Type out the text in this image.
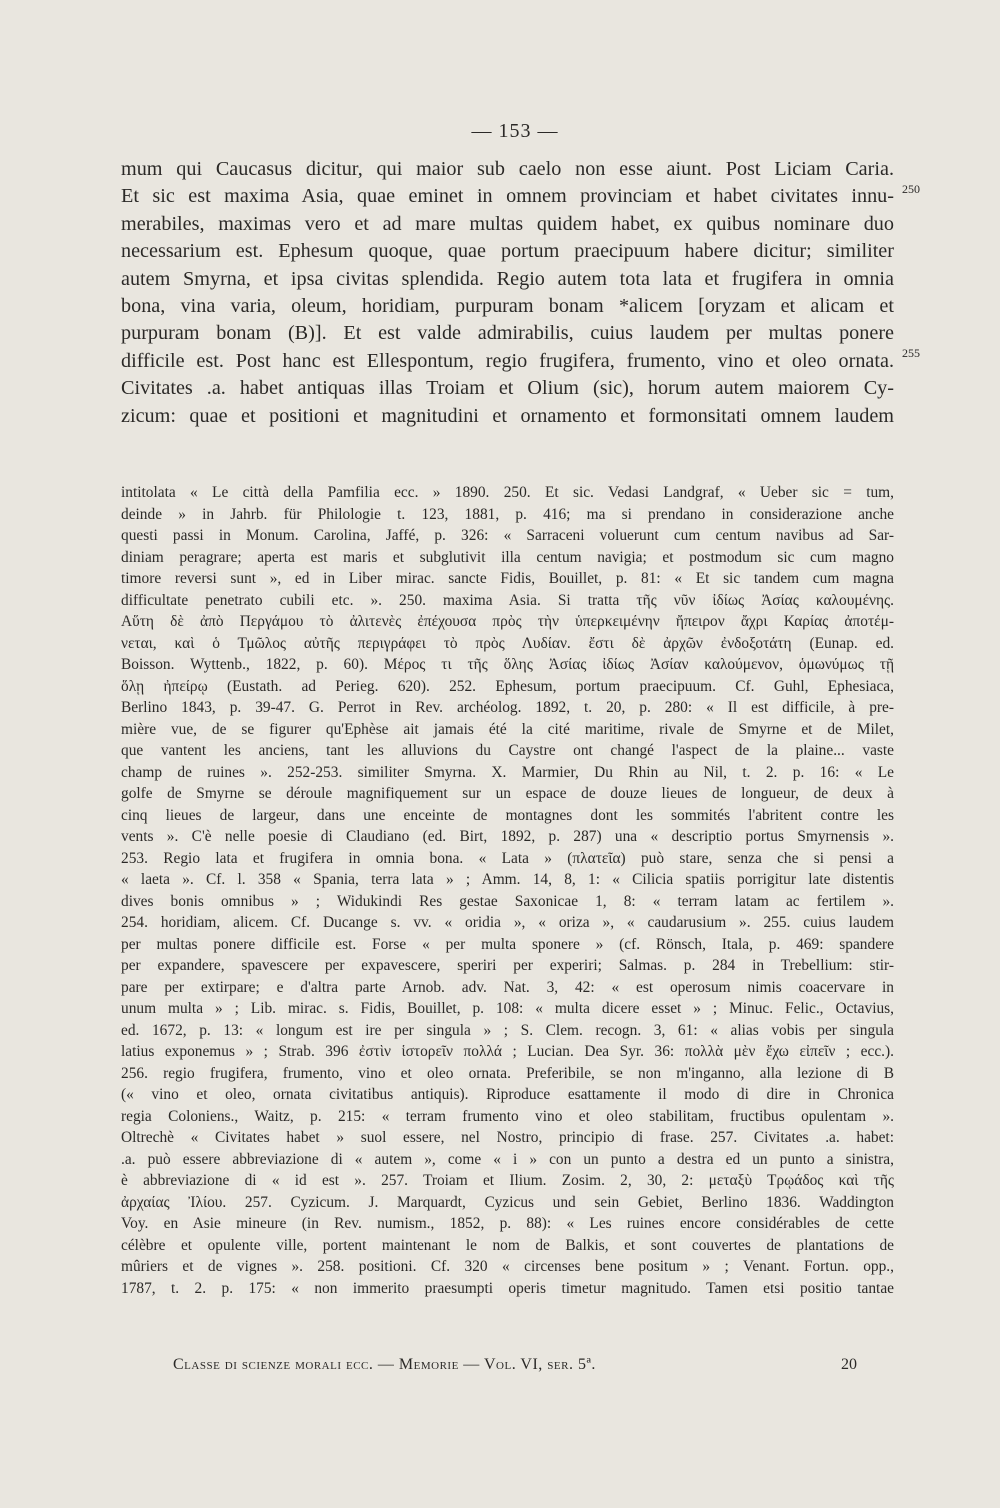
— 153 —
mum qui Caucasus dicitur, qui maior sub caelo non esse aiunt. Post Liciam Caria.
Et sic est maxima Asia, quae eminet in omnem provinciam et habet civitates innu-
merabiles, maximas vero et ad mare multas quidem habet, ex quibus nominare duo
necessarium est. Ephesum quoque, quae portum praecipuum habere dicitur; similiter
autem Smyrna, et ipsa civitas splendida. Regio autem tota lata et frugifera in omnia
bona, vina varia, oleum, horidiam, purpuram bonam *alicem [oryzam et alicam et
purpuram bonam (B)]. Et est valde admirabilis, cuius laudem per multas ponere
difficile est. Post hanc est Ellespontum, regio frugifera, frumento, vino et oleo ornata.
Civitates .a. habet antiquas illas Troiam et Olium (sic), horum autem maiorem Cy-
zicum: quae et positioni et magnitudini et ornamento et formonsitati omnem laudem
250
255
intitolata « Le città della Pamfilia ecc. » 1890. 250. Et sic. Vedasi Landgraf, « Ueber sic = tum,
deinde » in Jahrb. für Philologie t. 123, 1881, p. 416; ma si prendano in considerazione anche
questi passi in Monum. Carolina, Jaffé, p. 326: « Sarraceni voluerunt cum centum navibus ad Sar-
diniam peragrare; aperta est maris et subglutivit illa centum navigia; et postmodum sic cum magno
timore reversi sunt », ed in Liber mirac. sancte Fidis, Bouillet, p. 81: « Et sic tandem cum magna
difficultate penetrato cubili etc. ». 250. maxima Asia. Si tratta τῆς νῦν ἰδίως Ἀσίας καλουμένης.
Αὕτη δὲ ἀπὸ Περγάμου τὸ ἀλιτενὲς ἐπέχουσα πρὸς τὴν ὑπερκειμένην ἤπειρον ἄχρι Καρίας ἀποτέμ-
νεται, καὶ ὁ Τμῶλος αὐτῆς περιγράφει τὸ πρὸς Λυδίαν. ἔστι δὲ ἀρχῶν ἐνδοξοτάτη (Eunap. ed.
Boisson. Wyttenb., 1822, p. 60). Μέρος τι τῆς ὅλης Ἀσίας ἰδίως Ἀσίαν καλούμενον, ὁμωνύμως τῇ
ὅλῃ ἠπείρῳ (Eustath. ad Perieg. 620). 252. Ephesum, portum praecipuum. Cf. Guhl, Ephesiaca,
Berlino 1843, p. 39-47. G. Perrot in Rev. archéolog. 1892, t. 20, p. 280: « Il est difficile, à pre-
mière vue, de se figurer qu'Ephèse ait jamais été la cité maritime, rivale de Smyrne et de Milet,
que vantent les anciens, tant les alluvions du Caystre ont changé l'aspect de la plaine... vaste
champ de ruines ». 252-253. similiter Smyrna. X. Marmier, Du Rhin au Nil, t. 2. p. 16: « Le
golfe de Smyrne se déroule magnifiquement sur un espace de douze lieues de longueur, de deux à
cinq lieues de largeur, dans une enceinte de montagnes dont les sommités l'abritent contre les
vents ». C'è nelle poesie di Claudiano (ed. Birt, 1892, p. 287) una « descriptio portus Smyrnensis ».
253. Regio lata et frugifera in omnia bona. « Lata » (πλατεῖα) può stare, senza che si pensi a
« laeta ». Cf. l. 358 « Spania, terra lata » ; Amm. 14, 8, 1: « Cilicia spatiis porrigitur late distentis
dives bonis omnibus » ; Widukindi Res gestae Saxonicae 1, 8: « terram latam ac fertilem ».
254. horidiam, alicem. Cf. Ducange s. vv. « oridia », « oriza », « caudarusium ». 255. cuius laudem
per multas ponere difficile est. Forse « per multa sponere » (cf. Rönsch, Itala, p. 469: spandere
per expandere, spavescere per expavescere, speriri per experiri; Salmas. p. 284 in Trebellium: stir-
pare per extirpare; e d'altra parte Arnob. adv. Nat. 3, 42: « est operosum nimis coacervare in
unum multa » ; Lib. mirac. s. Fidis, Bouillet, p. 108: « multa dicere esset » ; Minuc. Felic., Octavius,
ed. 1672, p. 13: « longum est ire per singula » ; S. Clem. recogn. 3, 61: « alias vobis per singula
latius exponemus » ; Strab. 396 ἐστὶν ἱστορεῖν πολλά ; Lucian. Dea Syr. 36: πολλὰ μὲν ἔχω εἰπεῖν ; ecc.).
256. regio frugifera, frumento, vino et oleo ornata. Preferibile, se non m'inganno, alla lezione di B
(« vino et oleo, ornata civitatibus antiquis). Riproduce esattamente il modo di dire in Chronica
regia Coloniens., Waitz, p. 215: « terram frumento vino et oleo stabilitam, fructibus opulentam ».
Oltrechè « Civitates habet » suol essere, nel Nostro, principio di frase. 257. Civitates .a. habet:
.a. può essere abbreviazione di « autem », come « i » con un punto a destra ed un punto a sinistra,
è abbreviazione di « id est ». 257. Troiam et Ilium. Zosim. 2, 30, 2: μεταξὺ Τρῳάδος καὶ τῆς
ἀρχαίας Ἰλίου. 257. Cyzicum. J. Marquardt, Cyzicus und sein Gebiet, Berlino 1836. Waddington
Voy. en Asie mineure (in Rev. numism., 1852, p. 88): « Les ruines encore considérables de cette
célèbre et opulente ville, portent maintenant le nom de Balkis, et sont couvertes de plantations de
mûriers et de vignes ». 258. positioni. Cf. 320 « circenses bene positum » ; Venant. Fortun. opp.,
1787, t. 2. p. 175: « non immerito praesumpti operis timetur magnitudo. Tamen etsi positio tantae
Classe di scienze morali ecc. — Memorie — Vol. VI, ser. 5ª.	20
